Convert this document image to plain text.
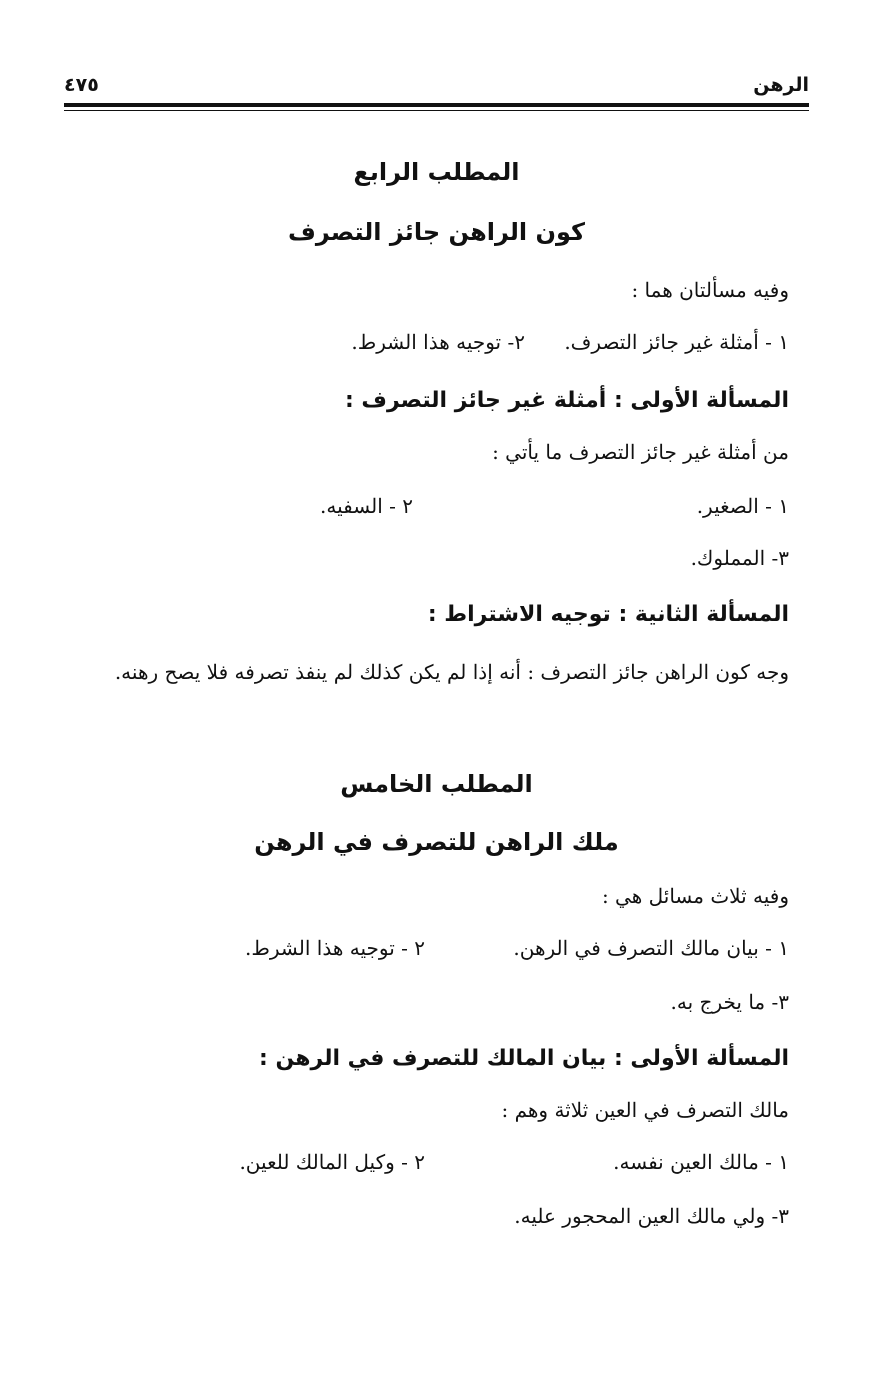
الرهن
٤٧٥
المطلب الرابع
كون الراهن جائز التصرف
وفيه مسألتان هما :
١ - أمثلة غير جائز التصرف.
٢- توجيه هذا الشرط.
المسألة الأولى : أمثلة غير جائز التصرف :
من أمثلة غير جائز التصرف ما يأتي :
١ - الصغير.
٢ - السفيه.
٣- المملوك.
المسألة الثانية : توجيه الاشتراط :
وجه كون الراهن جائز التصرف : أنه إذا لم يكن كذلك لم ينفذ تصرفه فلا يصح رهنه.
المطلب الخامس
ملك الراهن للتصرف في الرهن
وفيه ثلاث مسائل هي :
١ - بيان مالك التصرف في الرهن.
٢ - توجيه هذا الشرط.
٣- ما يخرج به.
المسألة الأولى : بيان المالك للتصرف في الرهن :
مالك التصرف في العين ثلاثة وهم :
١ - مالك العين نفسه.
٢ - وكيل المالك للعين.
٣- ولي مالك العين المحجور عليه.
